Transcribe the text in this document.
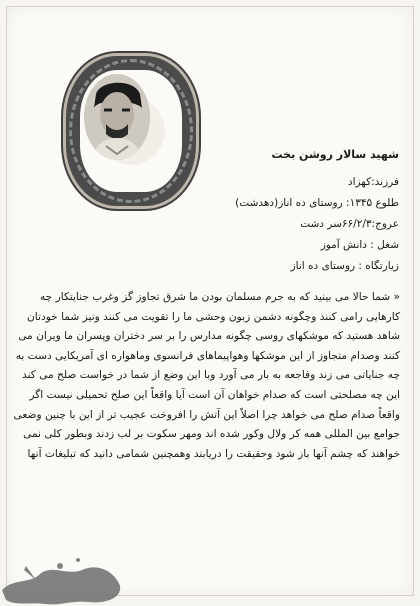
شهید سالار روشن بخت
فرزند:کهزاد
طلوع ۱۳۴۵: روستای ده اناز(دهدشت)
عروج:۶۶/۲/۳سر دشت
شغل : دانش آموز
زیارتگاه : روستای ده اناز
« شما حالا می بینید که به جرم مسلمان بودن ما شرق تجاوز گز وغرب جنایتکار چه
کارهایی رامی کنند وچگونه دشمن زبون وحشی ما را تقویت می کنند ونیز شما خودتان
شاهد هستید که موشکهای روسی چگونه مدارس را بر سر دختران وپسران ما ویران می
کنند وصدام متجاوز از این موشکها وهواپیماهای فرانسوی وماهواره ای آمریکایی دست به
چه جنایاتی می زند وفاجعه به بار می آورد وبا این وضع از شما در خواست صلح می کند
این چه مصلحتی است که صدام خواهان آن است آیا واقعاً این صلح تحمیلی نیست اگر
واقعاً صدام صلح می خواهد چرا اصلاً این آتش را افروخت عجیب تر از این با چنین وضعی
جوامع بین المللی همه کر ولال وکور شده اند ومهر سکوت بر لب زدند وبطور کلی نمی
خواهند که چشم آنها باز شود وحقیقت را دریابند وهمچنین شمامی دانید که تبلیغات آنها
